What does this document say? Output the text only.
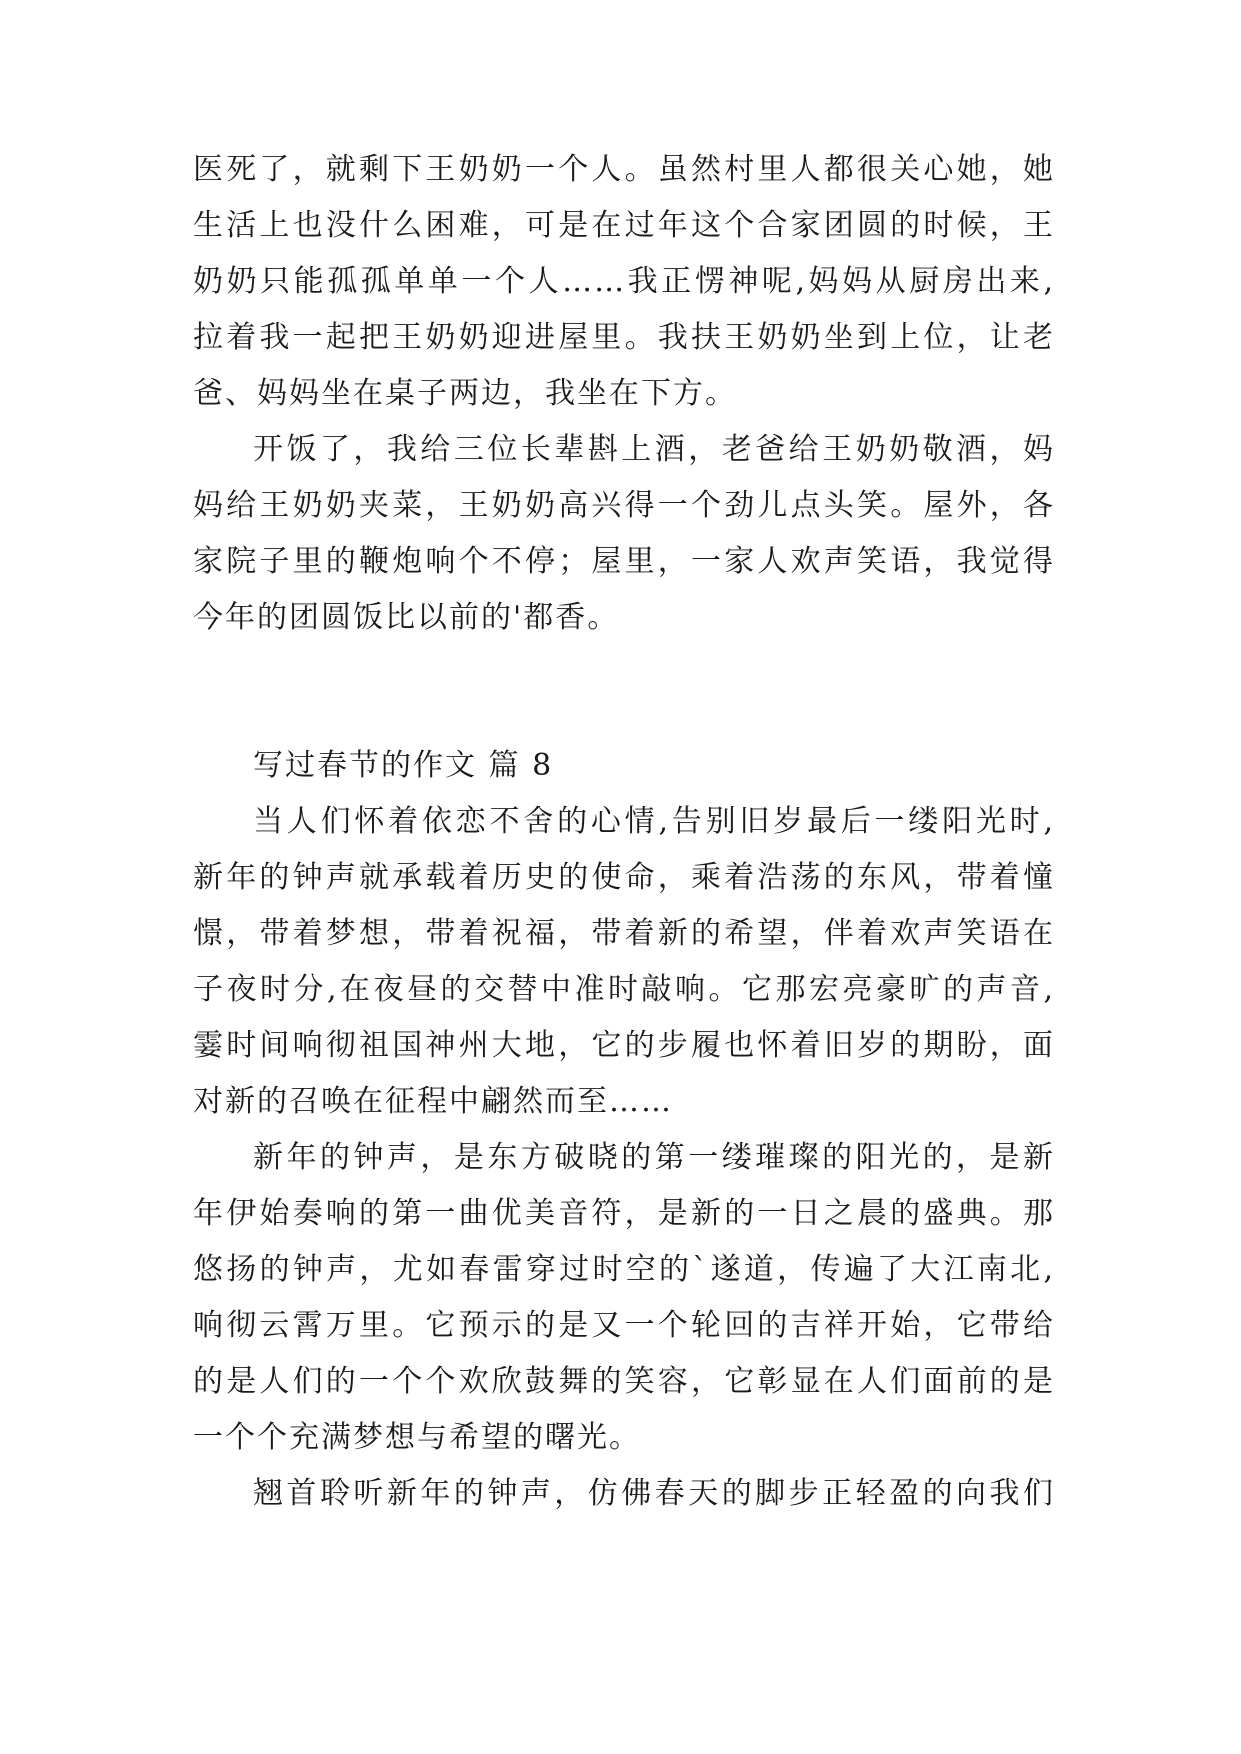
医死了，就剩下王奶奶一个人。虽然村里人都很关心她，她
生活上也没什么困难，可是在过年这个合家团圆的时候，王
奶奶只能孤孤单单一个人……我正愣神呢,妈妈从厨房出来,
拉着我一起把王奶奶迎进屋里。我扶王奶奶坐到上位，让老
爸、妈妈坐在桌子两边，我坐在下方。
开饭了，我给三位长辈斟上酒，老爸给王奶奶敬酒，妈
妈给王奶奶夹菜，王奶奶高兴得一个劲儿点头笑。屋外，各
家院子里的鞭炮响个不停；屋里，一家人欢声笑语，我觉得
今年的团圆饭比以前的'都香。
写过春节的作文 篇 8
当人们怀着依恋不舍的心情,告别旧岁最后一缕阳光时,
新年的钟声就承载着历史的使命，乘着浩荡的东风，带着憧
憬，带着梦想，带着祝福，带着新的希望，伴着欢声笑语在
子夜时分,在夜昼的交替中准时敲响。它那宏亮豪旷的声音,
霎时间响彻祖国神州大地，它的步履也怀着旧岁的期盼，面
对新的召唤在征程中翩然而至……
新年的钟声，是东方破晓的第一缕璀璨的阳光的，是新
年伊始奏响的第一曲优美音符，是新的一日之晨的盛典。那
悠扬的钟声，尤如春雷穿过时空的`遂道，传遍了大江南北,
响彻云霄万里。它预示的是又一个轮回的吉祥开始，它带给
的是人们的一个个欢欣鼓舞的笑容，它彰显在人们面前的是
一个个充满梦想与希望的曙光。
翘首聆听新年的钟声，仿佛春天的脚步正轻盈的向我们
